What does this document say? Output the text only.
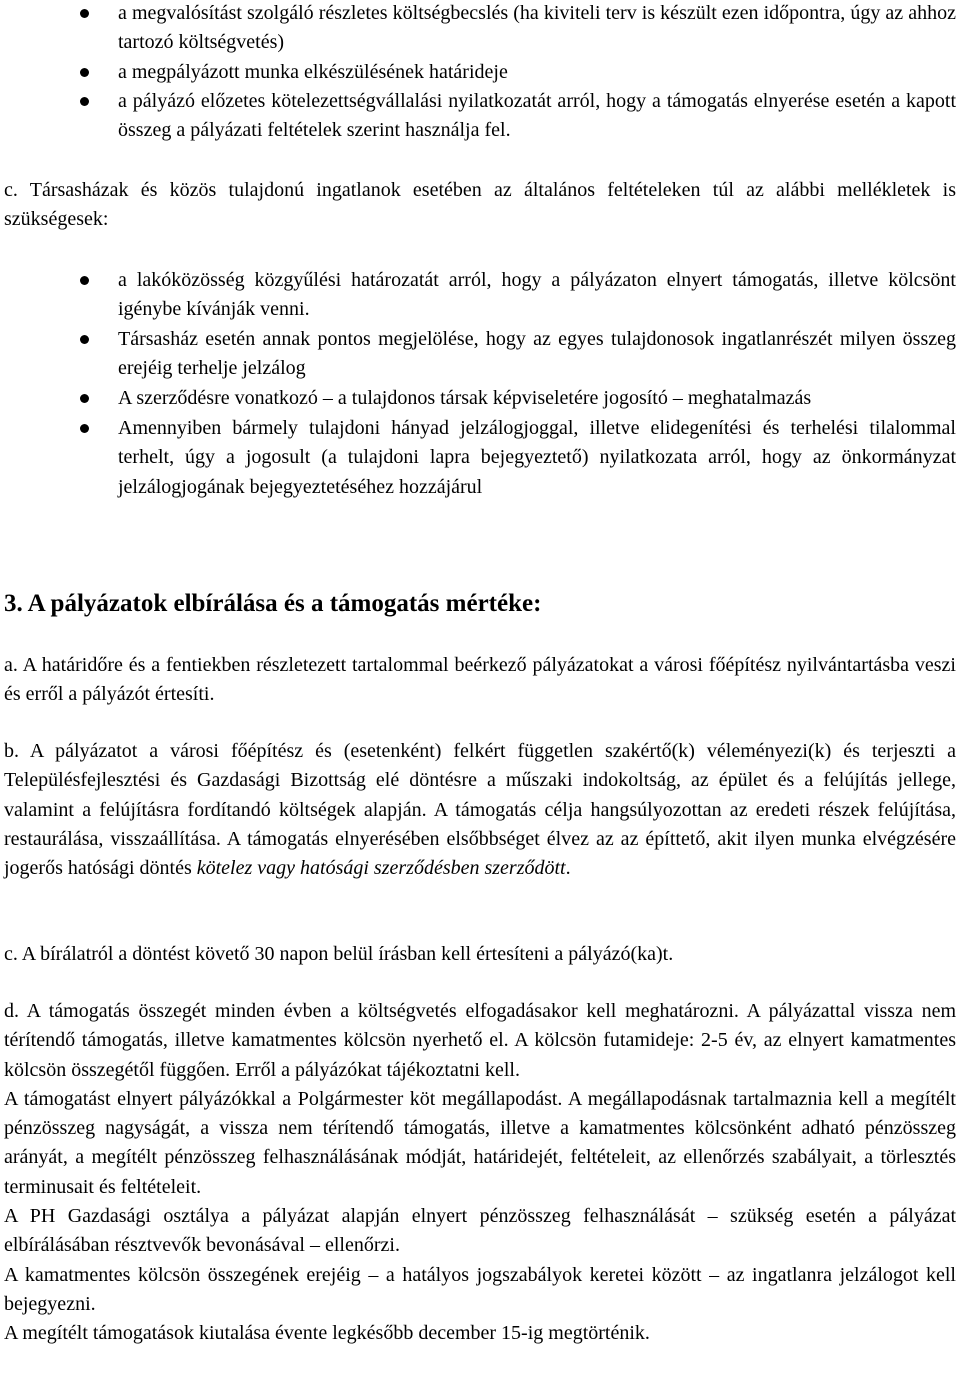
a megvalósítást szolgáló részletes költségbecslés (ha kiviteli terv is készült ezen időpontra, úgy az ahhoz tartozó költségvetés)
a megpályázott munka elkészülésének határideje
a pályázó előzetes kötelezettségvállalási nyilatkozatát arról, hogy a támogatás elnyerése esetén a kapott összeg a pályázati feltételek szerint használja fel.

c. Társasházak és közös tulajdonú ingatlanok esetében az általános feltételeken túl az alábbi mellékletek is szükségesek:

a lakóközösség közgyűlési határozatát arról, hogy a pályázaton elnyert támogatás, illetve kölcsönt igénybe kívánják venni.
Társasház esetén annak pontos megjelölése, hogy az egyes tulajdonosok ingatlanrészét milyen összeg erejéig terhelje jelzálog
A szerződésre vonatkozó – a tulajdonos társak képviseletére jogosító – meghatalmazás
Amennyiben bármely tulajdoni hányad jelzálogjoggal, illetve elidegenítési és terhelési tilalommal terhelt, úgy a jogosult (a tulajdoni lapra bejegyeztető) nyilatkozata arról, hogy az önkormányzat jelzálogjogának bejegyeztetéséhez hozzájárul
3. A pályázatok elbírálása és a támogatás mértéke:

a. A határidőre és a fentiekben részletezett tartalommal beérkező pályázatokat a városi főépítész nyilvántartásba veszi és erről a pályázót értesíti.

b. A pályázatot a városi főépítész és (esetenként) felkért független szakértő(k) véleményezi(k) és terjeszti a Településfejlesztési és Gazdasági Bizottság elé döntésre a műszaki indokoltság, az épület és a felújítás jellege, valamint a felújításra fordítandó költségek alapján. A támogatás célja hangsúlyozottan az eredeti részek felújítása, restaurálása, visszaállítása. A támogatás elnyerésében elsőbbséget élvez az az építtető, akit ilyen munka elvégzésére jogerős hatósági döntés kötelez vagy hatósági szerződésben szerződött.

c. A bírálatról a döntést követő 30 napon belül írásban kell értesíteni a pályázó(ka)t.

d. A támogatás összegét minden évben a költségvetés elfogadásakor kell meghatározni. A pályázattal vissza nem térítendő támogatás, illetve kamatmentes kölcsön nyerhető el. A kölcsön futamideje: 2-5 év, az elnyert kamatmentes kölcsön összegétől függően. Erről a pályázókat tájékoztatni kell.

A támogatást elnyert pályázókkal a Polgármester köt megállapodást. A megállapodásnak tartalmaznia kell a megítélt pénzösszeg nagyságát, a vissza nem térítendő támogatás, illetve a kamatmentes kölcsönként adható pénzösszeg arányát, a megítélt pénzösszeg felhasználásának módját, határidejét, feltételeit, az ellenőrzés szabályait, a törlesztés terminusait és feltételeit.

A PH Gazdasági osztálya a pályázat alapján elnyert pénzösszeg felhasználását – szükség esetén a pályázat elbírálásában résztvevők bevonásával – ellenőrzi.

A kamatmentes kölcsön összegének erejéig – a hatályos jogszabályok keretei között – az ingatlanra jelzálogot kell bejegyezni.

A megítélt támogatások kiutalása évente legkésőbb december 15-ig megtörténik.
